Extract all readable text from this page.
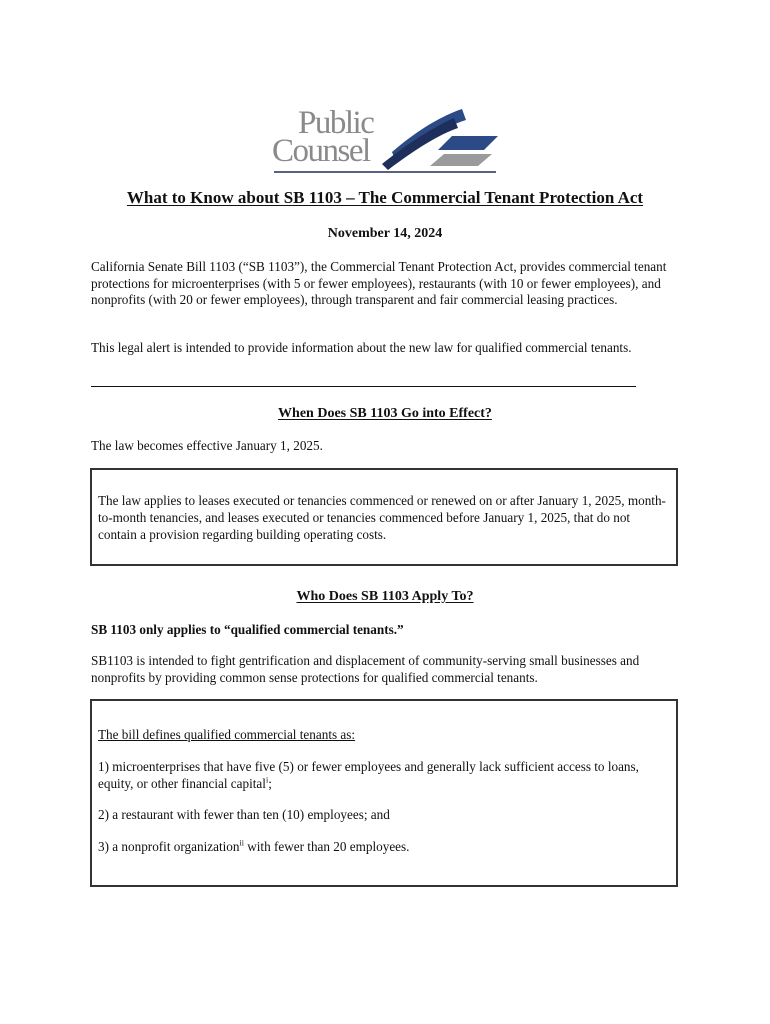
Public
Counsel
What to Know about SB 1103 – The Commercial Tenant Protection Act
November 14, 2024

California Senate Bill 1103 (“SB 1103”), the Commercial Tenant Protection Act, provides commercial tenant protections for microenterprises (with 5 or fewer employees), restaurants (with 10 or fewer employees), and nonprofits (with 20 or fewer employees), through transparent and fair commercial leasing practices.

This legal alert is intended to provide information about the new law for qualified commercial tenants.

When Does SB 1103 Go into Effect?

The law becomes effective January 1, 2025.

The law applies to leases executed or tenancies commenced or renewed on or after January 1, 2025, month-to-month tenancies, and leases executed or tenancies commenced before January 1, 2025, that do not contain a provision regarding building operating costs.

Who Does SB 1103 Apply To?

SB 1103 only applies to “qualified commercial tenants.”

SB1103 is intended to fight gentrification and displacement of community-serving small businesses and nonprofits by providing common sense protections for qualified commercial tenants.

The bill defines qualified commercial tenants as:

1) microenterprises that have five (5) or fewer employees and generally lack sufficient access to loans, equity, or other financial capital$^i$;

2) a restaurant with fewer than ten (10) employees; and

3) a nonprofit organization$^{ii}$ with fewer than 20 employees.
